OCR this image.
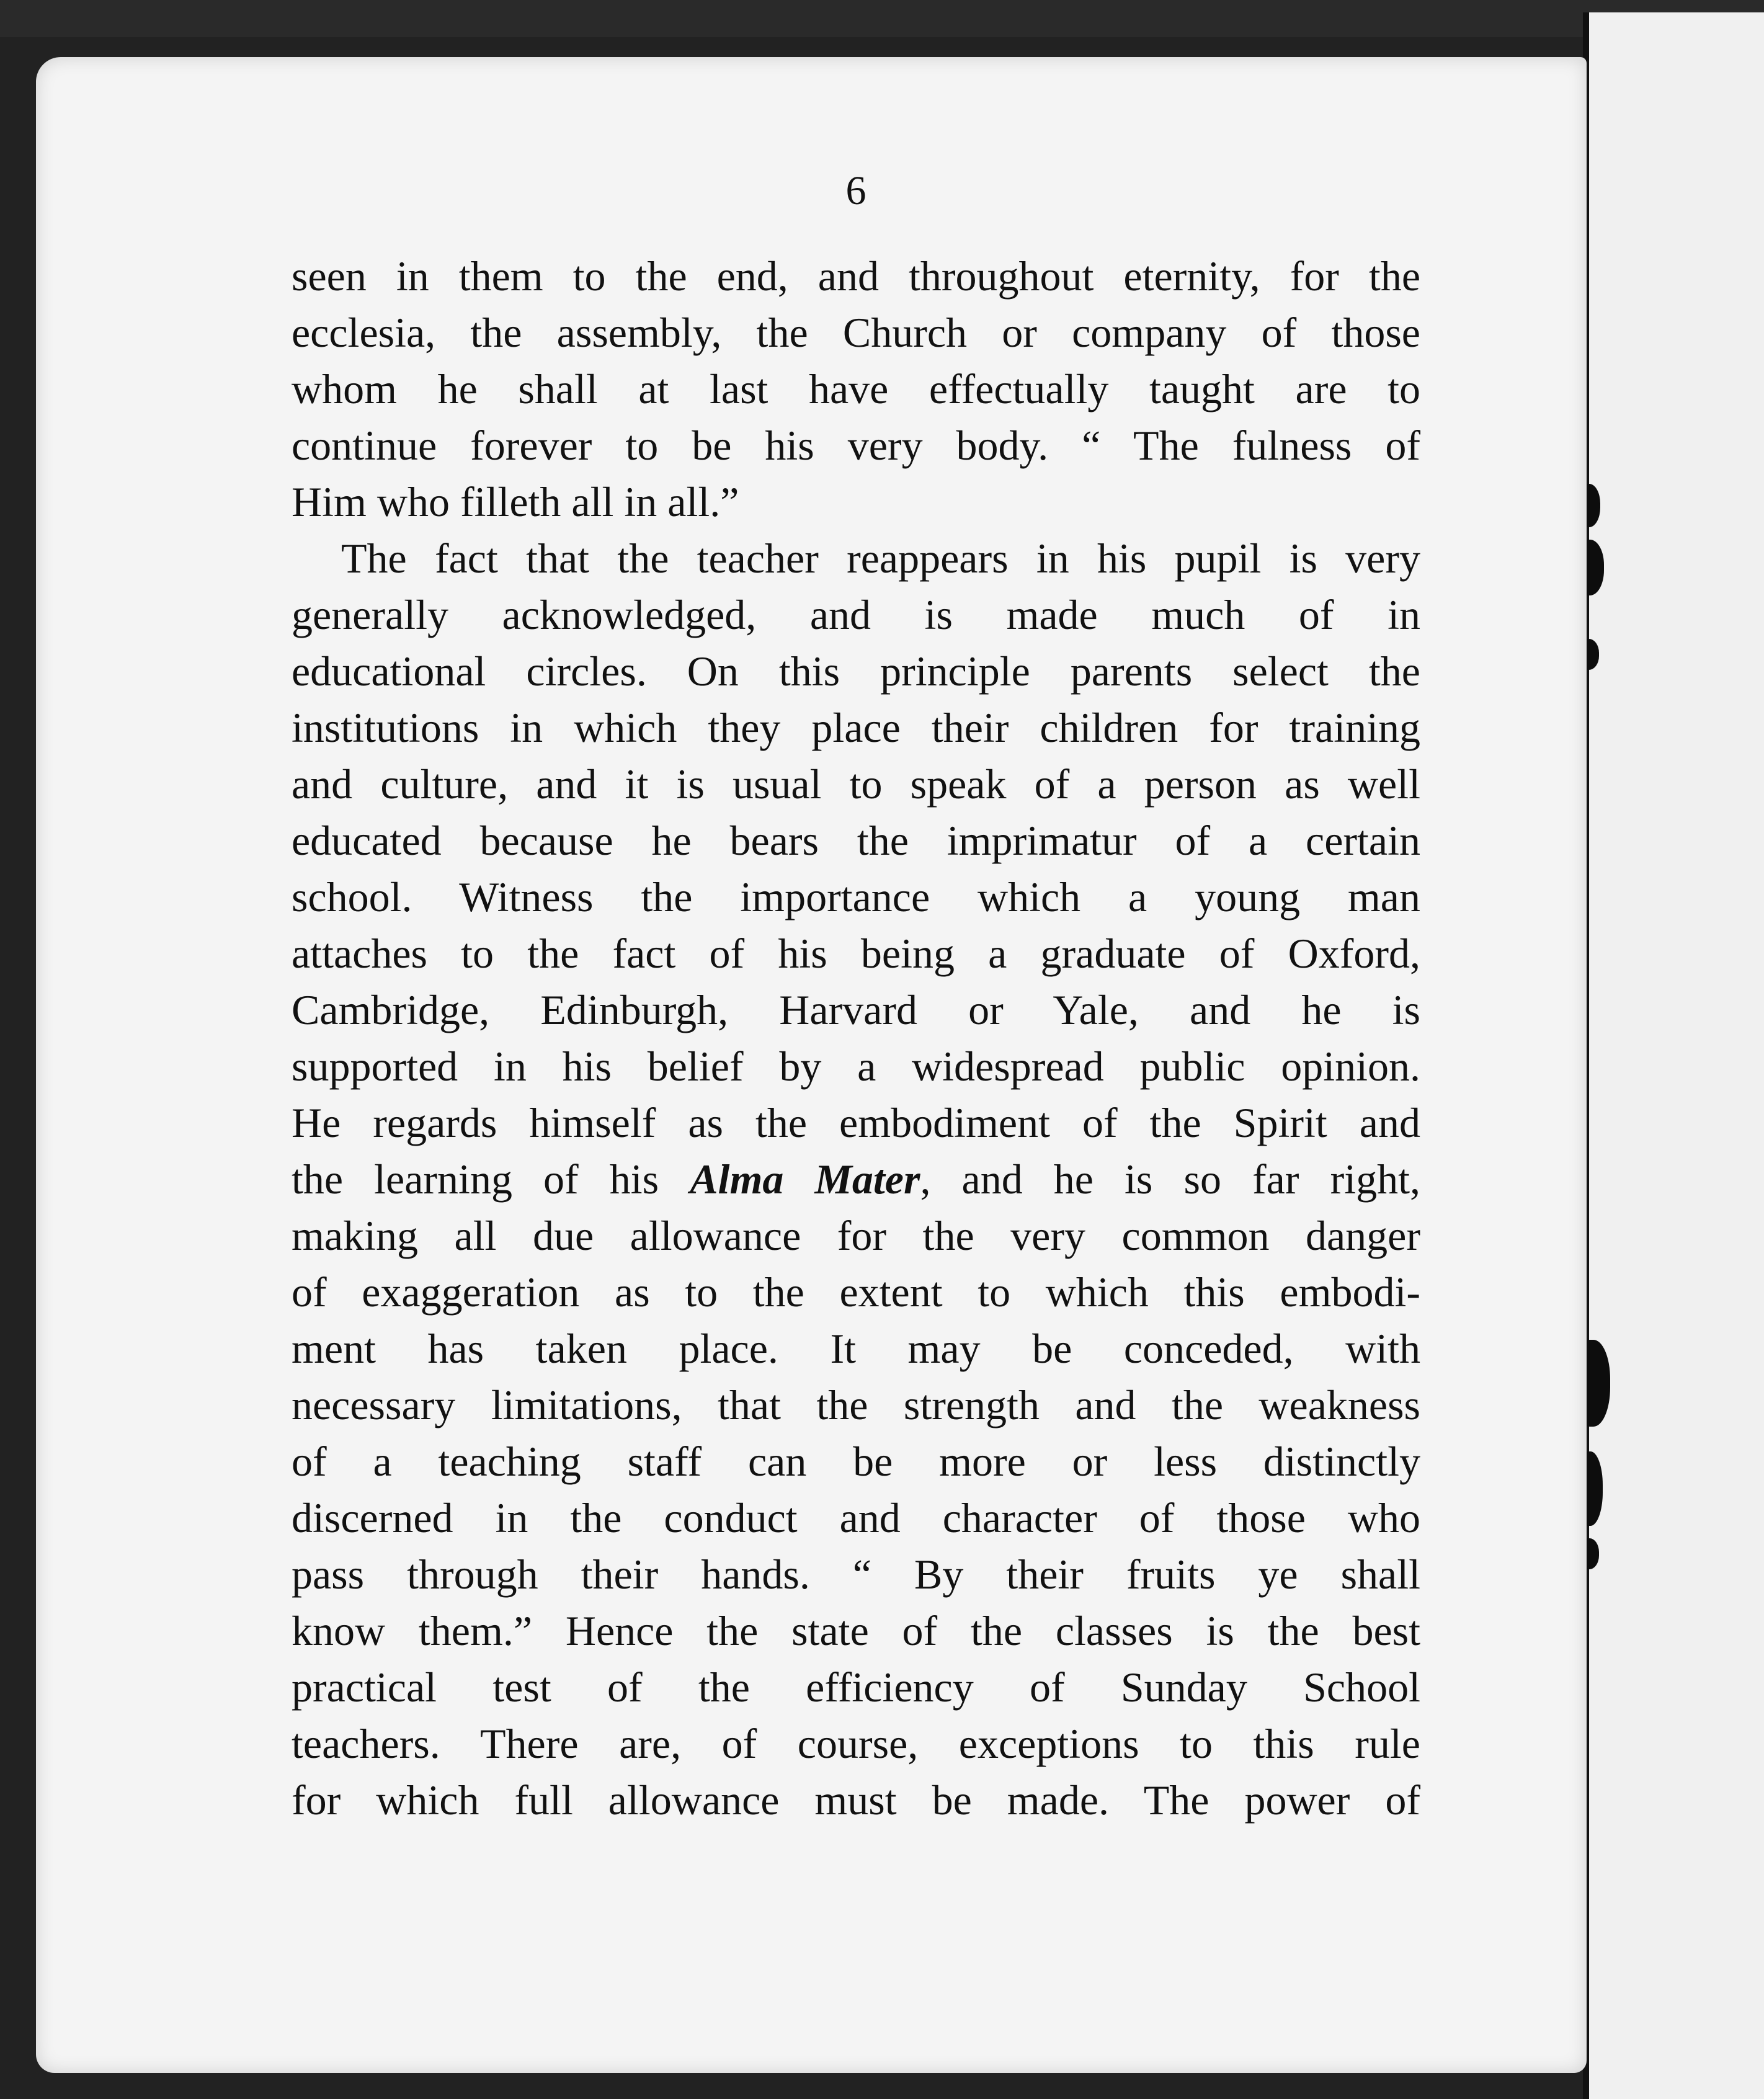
6
seen in them to the end, and throughout eternity, for the
ecclesia, the assembly, the Church or company of those
whom he shall at last have effectually taught are to
continue forever to be his very body. “ The fulness of
Him who filleth all in all.”
The fact that the teacher reappears in his pupil is very
generally acknowledged, and is made much of in
educational circles. On this principle parents select the
institutions in which they place their children for training
and culture, and it is usual to speak of a person as well
educated because he bears the imprimatur of a certain
school. Witness the importance which a young man
attaches to the fact of his being a graduate of Oxford,
Cambridge, Edinburgh, Harvard or Yale, and he is
supported in his belief by a widespread public opinion.
He regards himself as the embodiment of the Spirit and
the learning of his Alma Mater, and he is so far right,
making all due allowance for the very common danger
of exaggeration as to the extent to which this embodi-
ment has taken place. It may be conceded, with
necessary limitations, that the strength and the weakness
of a teaching staff can be more or less distinctly
discerned in the conduct and character of those who
pass through their hands. “ By their fruits ye shall
know them.” Hence the state of the classes is the best
practical test of the efficiency of Sunday School
teachers. There are, of course, exceptions to this rule
for which full allowance must be made. The power of
